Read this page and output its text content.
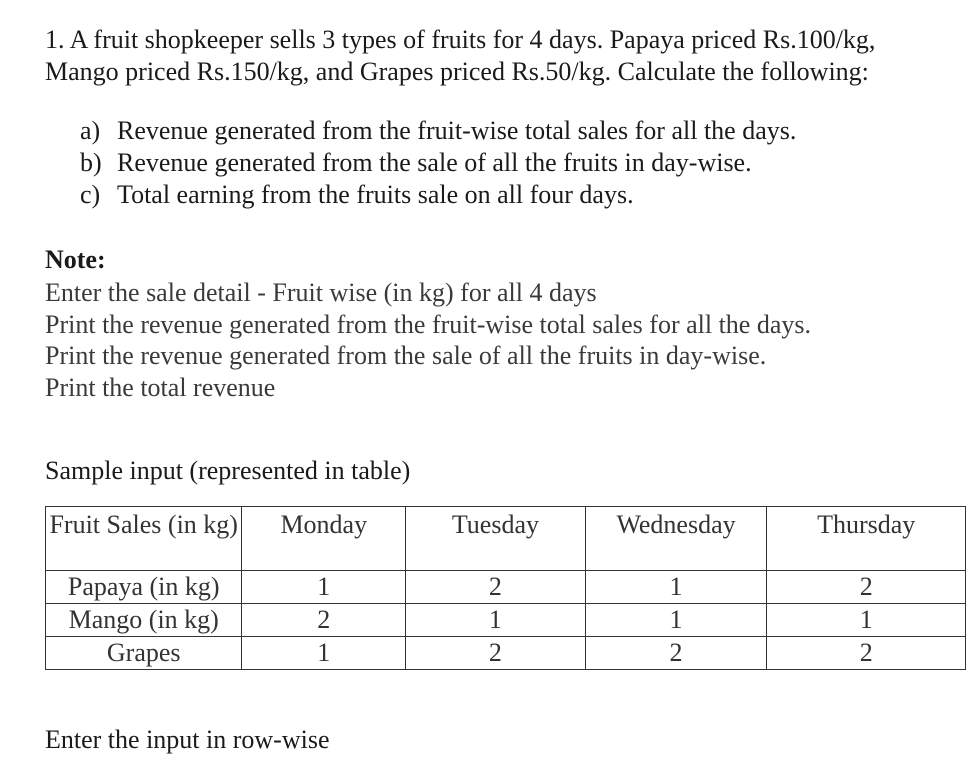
1. A fruit shopkeeper sells 3 types of fruits for 4 days. Papaya priced Rs.100/kg,
Mango priced Rs.150/kg, and Grapes priced Rs.50/kg. Calculate the following:
a) Revenue generated from the fruit-wise total sales for all the days.
b) Revenue generated from the sale of all the fruits in day-wise.
c) Total earning from the fruits sale on all four days.
Note:
Enter the sale detail - Fruit wise (in kg) for all 4 days
Print the revenue generated from the fruit-wise total sales for all the days.
Print the revenue generated from the sale of all the fruits in day-wise.
Print the total revenue
Sample input (represented in table)
Fruit Sales (in kg)	Monday	Tuesday	Wednesday	Thursday
Papaya (in kg)	1	2	1	2
Mango (in kg)	2	1	1	1
Grapes	1	2	2	2
Enter the input in row-wise
